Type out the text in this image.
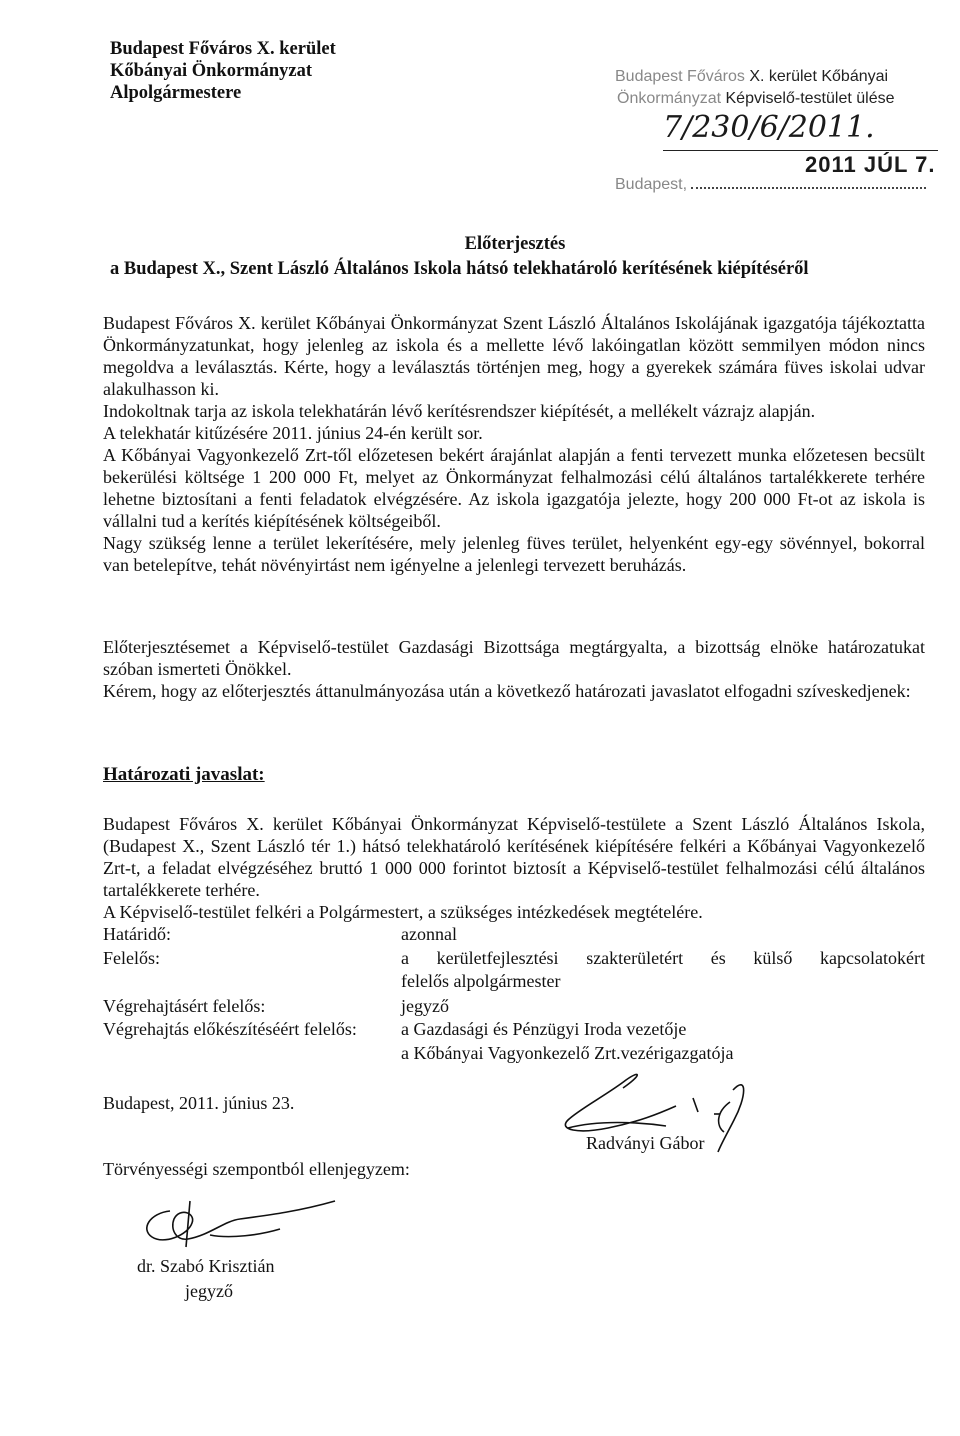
Budapest Főváros X. kerület
Kőbányai Önkormányzat
Alpolgármestere
Budapest Főváros X. kerület Kőbányai
Önkormányzat Képviselő-testület ülése
7/230/6/2011.
2011 JÚL 7.
Budapest,
Előterjesztés
a Budapest X., Szent László Általános Iskola hátsó telekhatároló kerítésének kiépítéséről

Budapest Főváros X. kerület Kőbányai Önkormányzat Szent László Általános Iskolájának igazgatója tájékoztatta Önkormányzatunkat, hogy jelenleg az iskola és a mellette lévő lakóingatlan között semmilyen módon nincs megoldva a leválasztás. Kérte, hogy a leválasztás történjen meg, hogy a gyerekek számára füves iskolai udvar alakulhasson ki.

Indokoltnak tarja az iskola telekhatárán lévő kerítésrendszer kiépítését, a mellékelt vázrajz alapján.

A telekhatár kitűzésére 2011. június 24-én került sor.

A Kőbányai Vagyonkezelő Zrt-től előzetesen bekért árajánlat alapján a fenti tervezett munka előzetesen becsült bekerülési költsége 1 200 000 Ft, melyet az Önkormányzat felhalmozási célú általános tartalékkerete terhére lehetne biztosítani a fenti feladatok elvégzésére. Az iskola igazgatója jelezte, hogy 200 000 Ft-ot az iskola is vállalni tud a kerítés kiépítésének költségeiből.

Nagy szükség lenne a terület lekerítésére, mely jelenleg füves terület, helyenként egy-egy sövénnyel, bokorral van betelepítve, tehát növényirtást nem igényelne a jelenlegi tervezett beruházás.

Előterjesztésemet a Képviselő-testület Gazdasági Bizottsága megtárgyalta, a bizottság elnöke határozatukat szóban ismerteti Önökkel.

Kérem, hogy az előterjesztés áttanulmányozása után a következő határozati javaslatot elfogadni szíveskedjenek:

Határozati javaslat:

Budapest Főváros X. kerület Kőbányai Önkormányzat Képviselő-testülete a Szent László Általános Iskola, (Budapest X., Szent László tér 1.) hátsó telekhatároló kerítésének kiépítésére felkéri a Kőbányai Vagyonkezelő Zrt-t, a feladat elvégzéséhez bruttó 1 000 000 forintot biztosít a Képviselő-testület felhalmozási célú általános tartalékkerete terhére.

A Képviselő-testület felkéri a Polgármestert, a szükséges intézkedések megtételére.

Határidő:	azonnal
Felelős:	a kerületfejlesztési szakterületért és külső kapcsolatokért
felelős alpolgármester
Végrehajtásért felelős:	jegyző
Végrehajtás előkészítéséért felelős: a Gazdasági és Pénzügyi Iroda vezetője
a Kőbányai Vagyonkezelő Zrt.vezérigazgatója
Budapest, 2011. június 23.
Radványi Gábor
Törvényességi szempontból ellenjegyzem:
dr. Szabó Krisztián
jegyző
